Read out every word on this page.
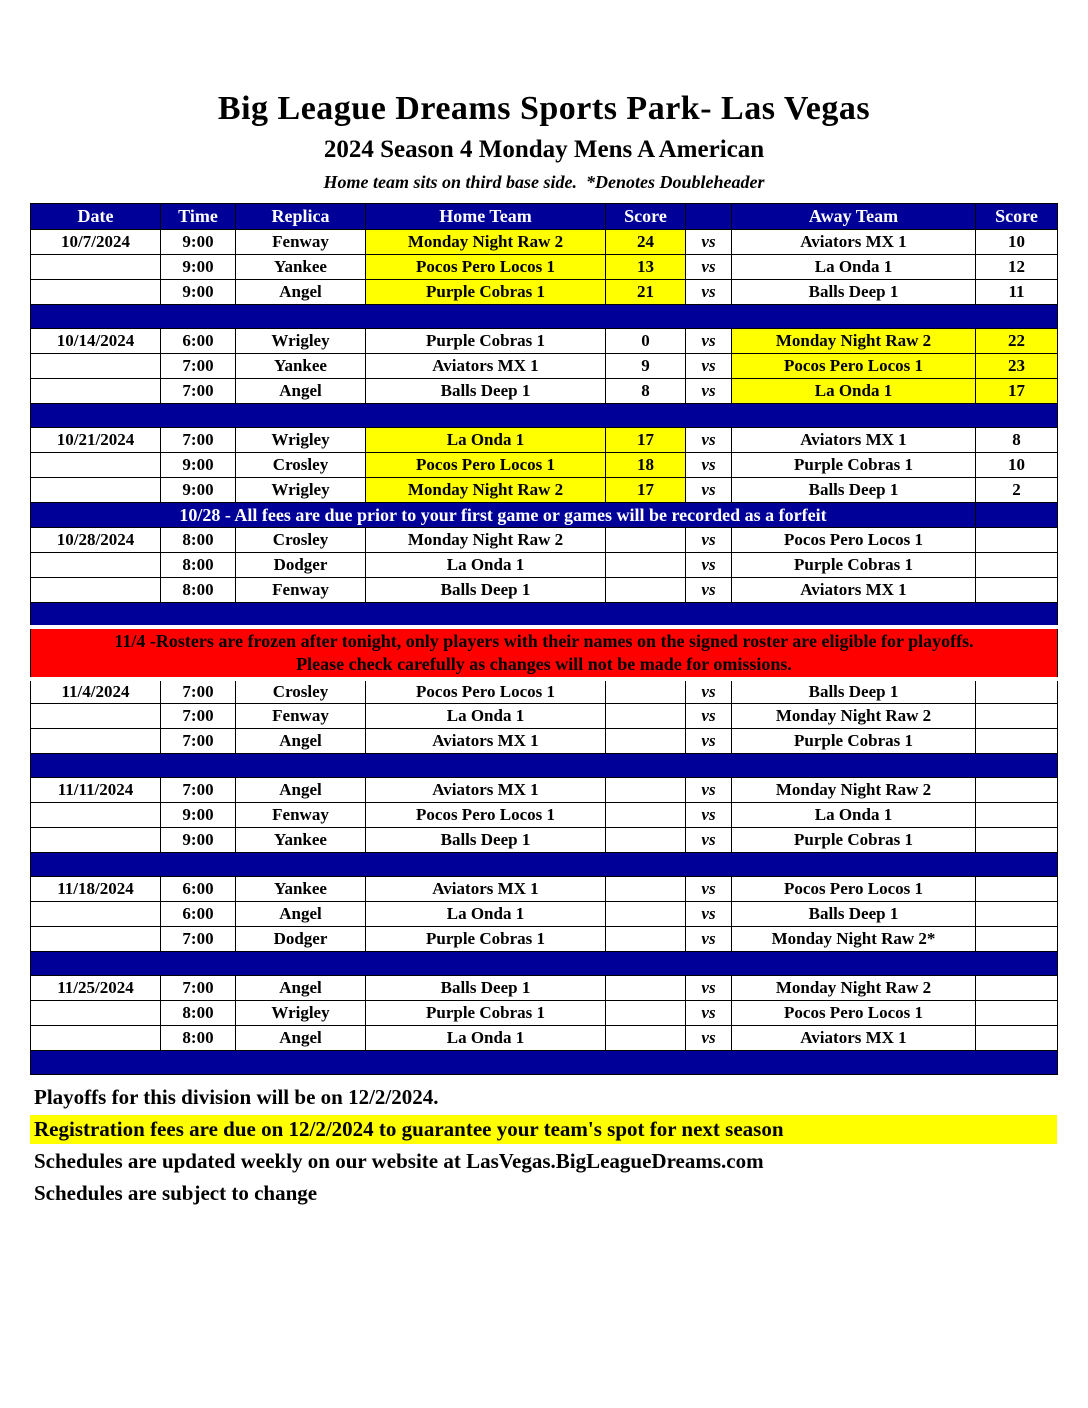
Big League Dreams Sports Park- Las Vegas
2024 Season 4 Monday Mens A American
Home team sits on third base side.  *Denotes Doubleheader
Date	Time	Replica	Home Team	Score		Away Team	Score
10/7/2024	9:00	Fenway	Monday Night Raw 2	24	vs	Aviators MX 1	10
	9:00	Yankee	Pocos Pero Locos 1	13	vs	La Onda 1	12
	9:00	Angel	Purple Cobras 1	21	vs	Balls Deep 1	11

10/14/2024	6:00	Wrigley	Purple Cobras 1	0	vs	Monday Night Raw 2	22
	7:00	Yankee	Aviators MX 1	9	vs	Pocos Pero Locos 1	23
	7:00	Angel	Balls Deep 1	8	vs	La Onda 1	17

10/21/2024	7:00	Wrigley	La Onda 1	17	vs	Aviators MX 1	8
	9:00	Crosley	Pocos Pero Locos 1	18	vs	Purple Cobras 1	10
	9:00	Wrigley	Monday Night Raw 2	17	vs	Balls Deep 1	2
10/28 - All fees are due prior to your first game or games will be recorded as a forfeit							
10/28/2024	8:00	Crosley	Monday Night Raw 2		vs	Pocos Pero Locos 1	
	8:00	Dodger	La Onda 1		vs	Purple Cobras 1	
	8:00	Fenway	Balls Deep 1		vs	Aviators MX 1	

11/4 -Rosters are frozen after tonight, only players with their names on the signed roster are eligible for playoffs.
Please check carefully as changes will not be made for omissions.							

11/4/2024	7:00	Crosley	Pocos Pero Locos 1		vs	Balls Deep 1	
	7:00	Fenway	La Onda 1		vs	Monday Night Raw 2	
	7:00	Angel	Aviators MX 1		vs	Purple Cobras 1	

11/11/2024	7:00	Angel	Aviators MX 1		vs	Monday Night Raw 2	
	9:00	Fenway	Pocos Pero Locos 1		vs	La Onda 1	
	9:00	Yankee	Balls Deep 1		vs	Purple Cobras 1	

11/18/2024	6:00	Yankee	Aviators MX 1		vs	Pocos Pero Locos 1	
	6:00	Angel	La Onda 1		vs	Balls Deep 1	
	7:00	Dodger	Purple Cobras 1		vs	Monday Night Raw 2*	

11/25/2024	7:00	Angel	Balls Deep 1		vs	Monday Night Raw 2	
	8:00	Wrigley	Purple Cobras 1		vs	Pocos Pero Locos 1	
	8:00	Angel	La Onda 1		vs	Aviators MX 1	

Playoffs for this division will be on 12/2/2024.
Registration fees are due on 12/2/2024 to guarantee your team's spot for next season
Schedules are updated weekly on our website at LasVegas.BigLeagueDreams.com
Schedules are subject to change
